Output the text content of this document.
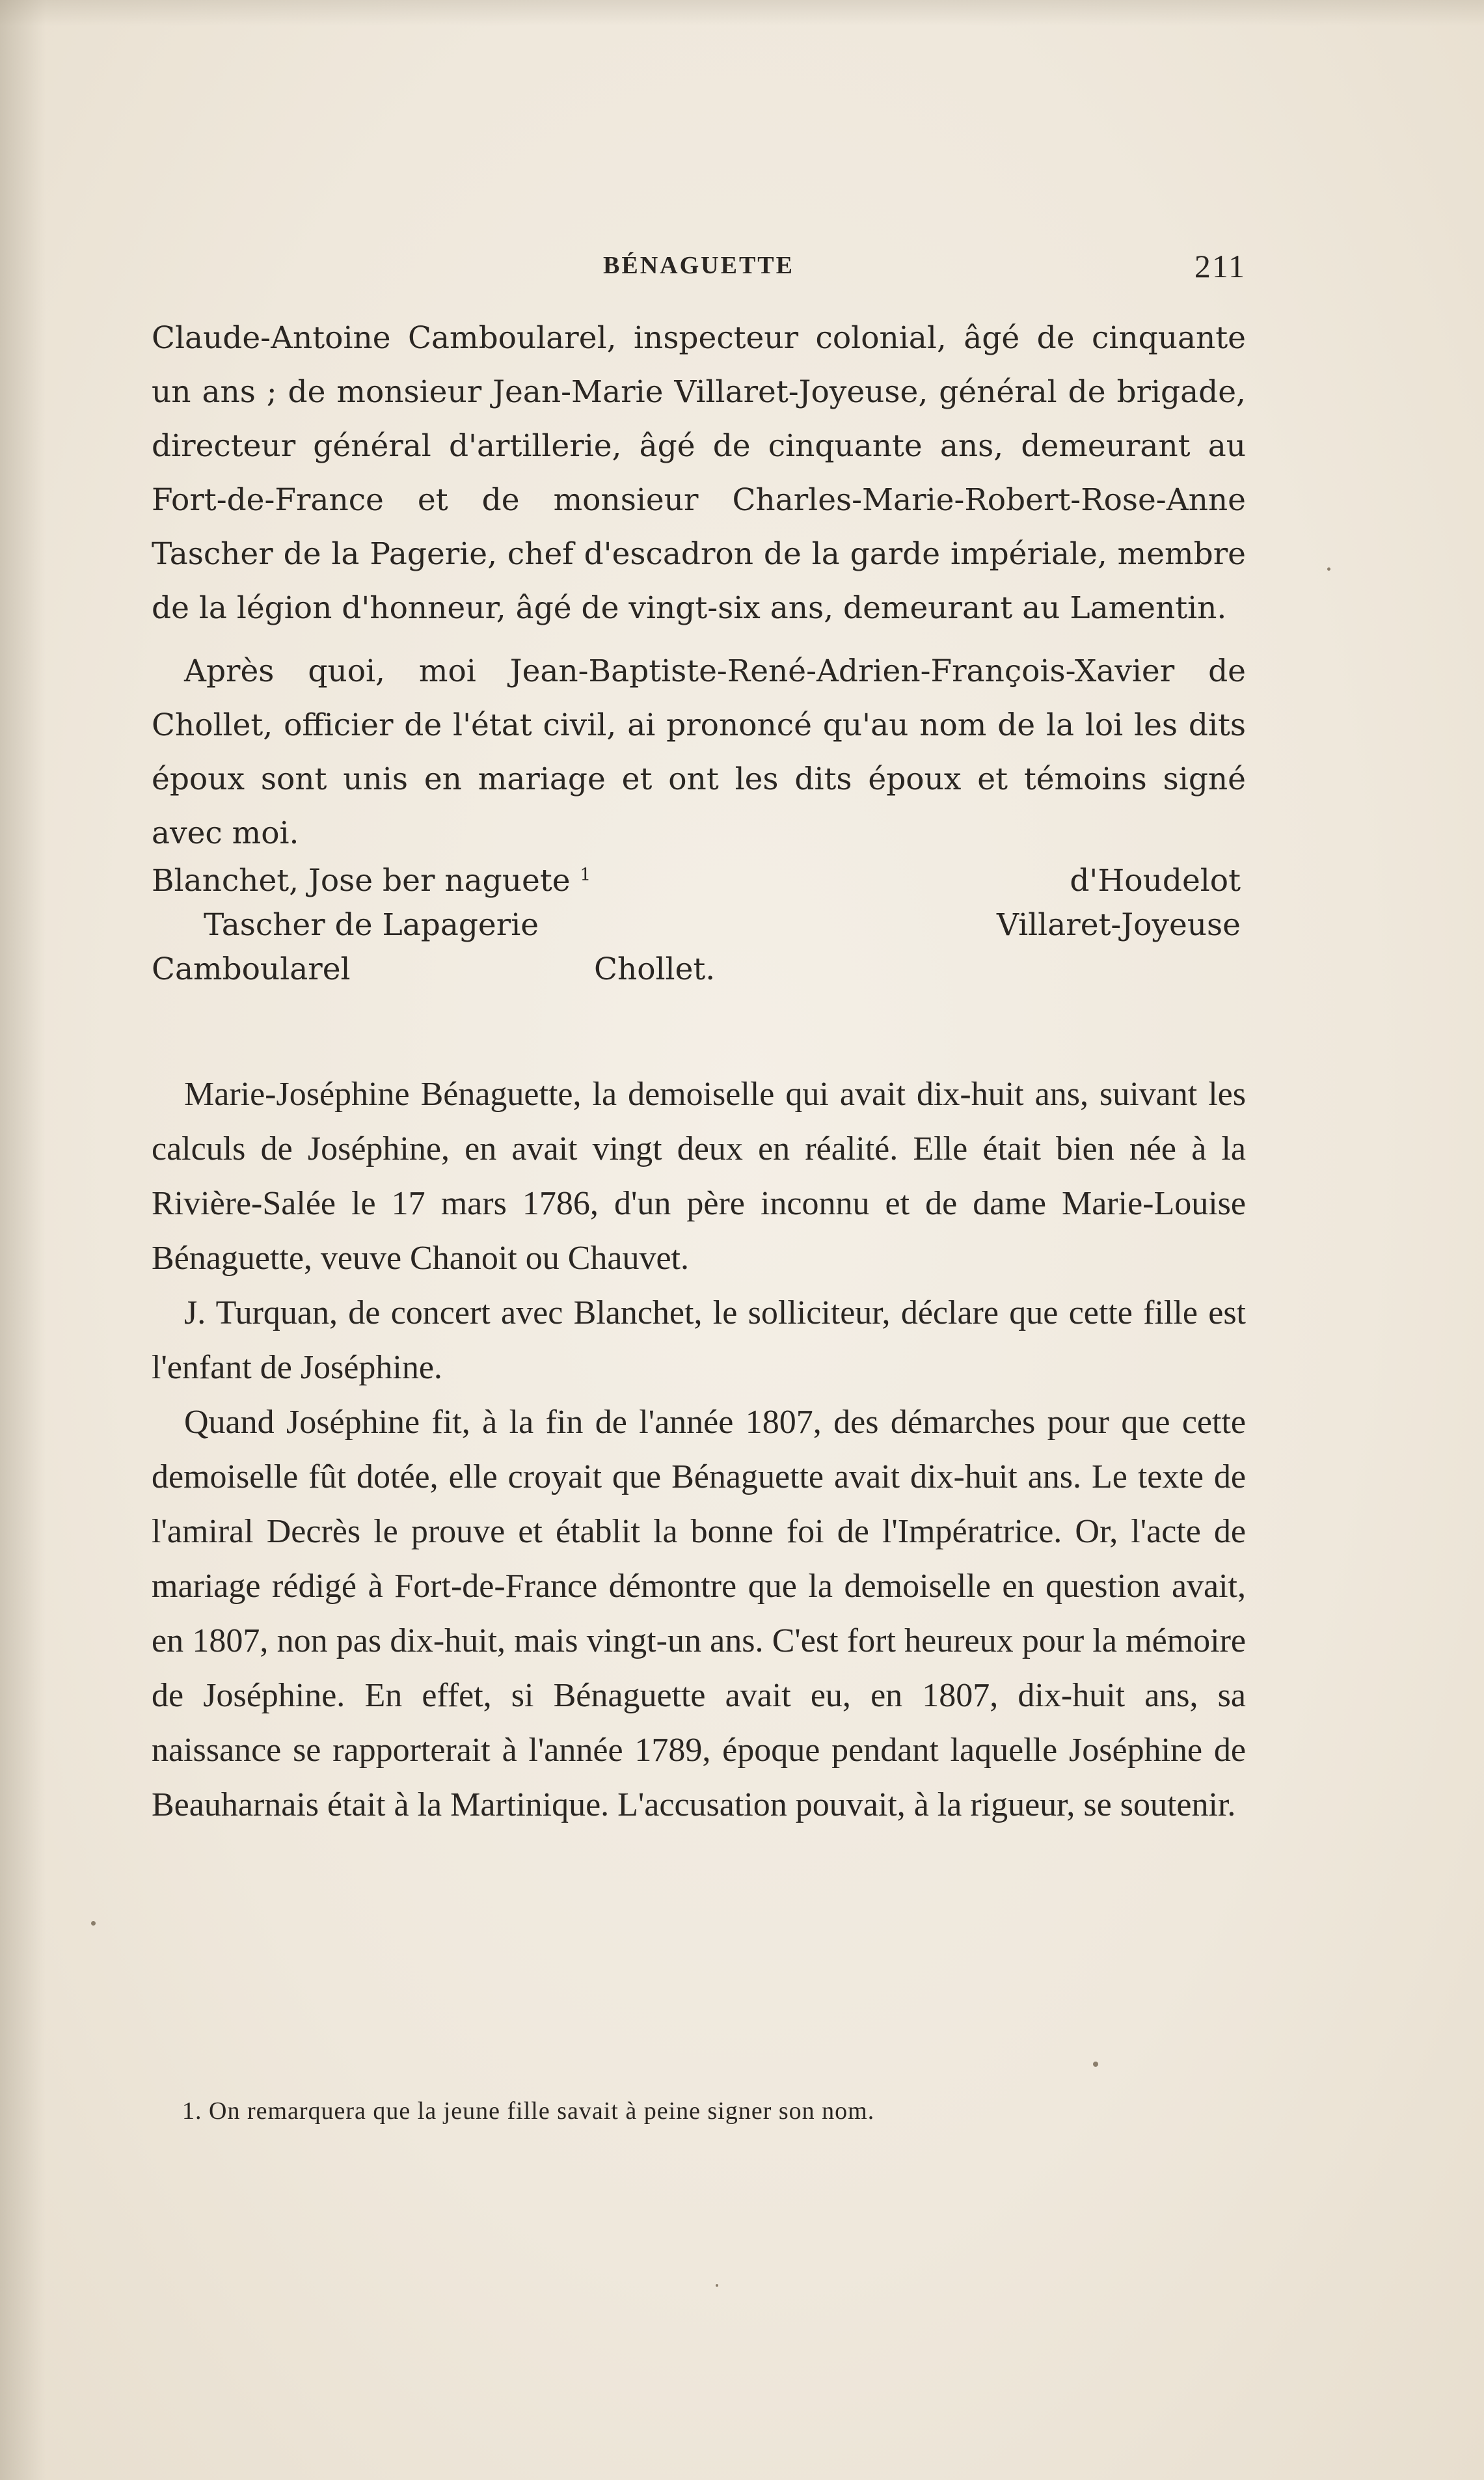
BÉNAGUETTE	211
Claude-Antoine Camboularel, inspecteur colonial, âgé de cinquante un ans ; de monsieur Jean-Marie Villaret-Joyeuse, général de brigade, directeur général d'artillerie, âgé de cinquante ans, demeurant au Fort-de-France et de monsieur Charles-Marie-Robert-Rose-Anne Tascher de la Pagerie, chef d'escadron de la garde impériale, membre de la légion d'honneur, âgé de vingt-six ans, demeurant au Lamentin.
Après quoi, moi Jean-Baptiste-René-Adrien-François-Xavier de Chollet, officier de l'état civil, ai prononcé qu'au nom de la loi les dits époux sont unis en mariage et ont les dits époux et témoins signé avec moi.
Blanchet, Jose ber naguete $^1$	d'Houdelot
Tascher de Lapagerie	Villaret-Joyeuse
Camboularel	Chollet.

Marie-Joséphine Bénaguette, la demoiselle qui avait dix-huit ans, suivant les calculs de Joséphine, en avait vingt deux en réalité. Elle était bien née à la Rivière-Salée le 17 mars 1786, d'un père inconnu et de dame Marie-Louise Bénaguette, veuve Chanoit ou Chauvet.

J. Turquan, de concert avec Blanchet, le solliciteur, déclare que cette fille est l'enfant de Joséphine.

Quand Joséphine fit, à la fin de l'année 1807, des démarches pour que cette demoiselle fût dotée, elle croyait que Bénaguette avait dix-huit ans. Le texte de l'amiral Decrès le prouve et établit la bonne foi de l'Impératrice. Or, l'acte de mariage rédigé à Fort-de-France démontre que la demoiselle en question avait, en 1807, non pas dix-huit, mais vingt-un ans. C'est fort heureux pour la mémoire de Joséphine. En effet, si Bénaguette avait eu, en 1807, dix-huit ans, sa naissance se rapporterait à l'année 1789, époque pendant laquelle Joséphine de Beauharnais était à la Martinique. L'accusation pouvait, à la rigueur, se soutenir.

1. On remarquera que la jeune fille savait à peine signer son nom.
